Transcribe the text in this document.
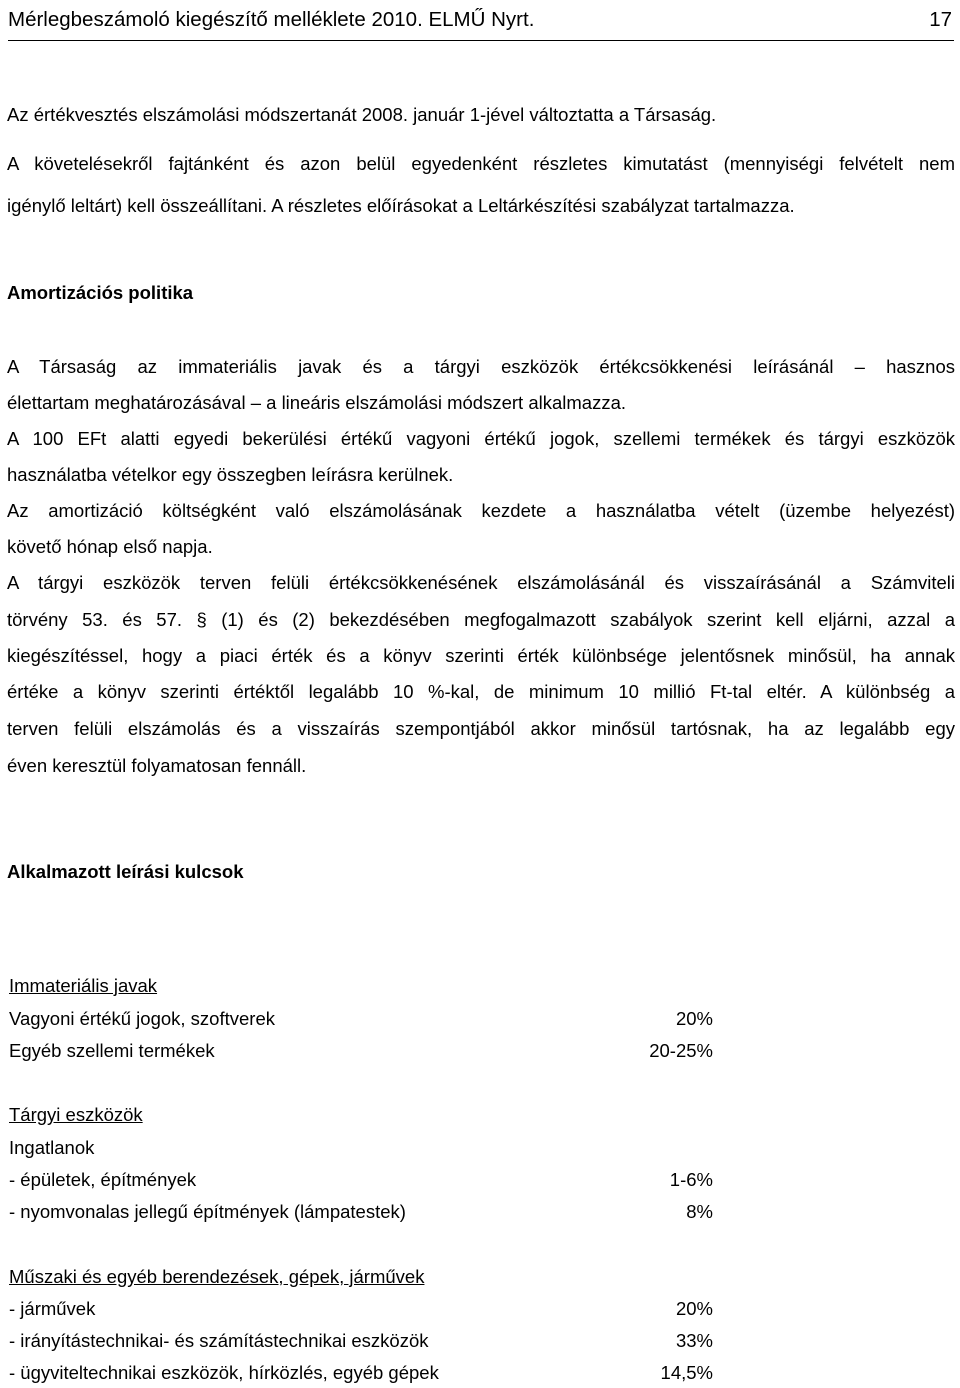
Mérlegbeszámoló kiegészítő melléklete 2010. ELMŰ Nyrt.	17
Az értékvesztés elszámolási módszertanát 2008. január 1-jével változtatta a Társaság.
A követelésekről fajtánként és azon belül egyedenként részletes kimutatást (mennyiségi felvételt nem
igénylő leltárt) kell összeállítani. A részletes előírásokat a Leltárkészítési szabályzat tartalmazza.
Amortizációs politika
A Társaság az immateriális javak és a tárgyi eszközök értékcsökkenési leírásánál – hasznos
élettartam meghatározásával – a lineáris elszámolási módszert alkalmazza.
A 100 EFt alatti egyedi bekerülési értékű vagyoni értékű jogok, szellemi termékek és tárgyi eszközök
használatba vételkor egy összegben leírásra kerülnek.
Az amortizáció költségként való elszámolásának kezdete a használatba vételt (üzembe helyezést)
követő hónap első napja.
A tárgyi eszközök terven felüli értékcsökkenésének elszámolásánál és visszaírásánál a Számviteli
törvény 53. és 57. § (1) és (2) bekezdésében megfogalmazott szabályok szerint kell eljárni, azzal a
kiegészítéssel, hogy a piaci érték és a könyv szerinti érték különbsége jelentősnek minősül, ha annak
értéke a könyv szerinti értéktől legalább 10 %-kal, de minimum 10 millió Ft-tal eltér. A különbség a
terven felüli elszámolás és a visszaírás szempontjából akkor minősül tartósnak, ha az legalább egy
éven keresztül folyamatosan fennáll.
Alkalmazott leírási kulcsok
Immateriális javak
Vagyoni értékű jogok, szoftverek	20%
Egyéb szellemi termékek	20-25%
Tárgyi eszközök
Ingatlanok
- épületek, építmények	1-6%
- nyomvonalas jellegű építmények (lámpatestek)	8%
Műszaki és egyéb berendezések, gépek, járművek
- járművek	20%
- irányítástechnikai- és számítástechnikai eszközök	33%
- ügyviteltechnikai eszközök, hírközlés, egyéb gépek	14,5%
